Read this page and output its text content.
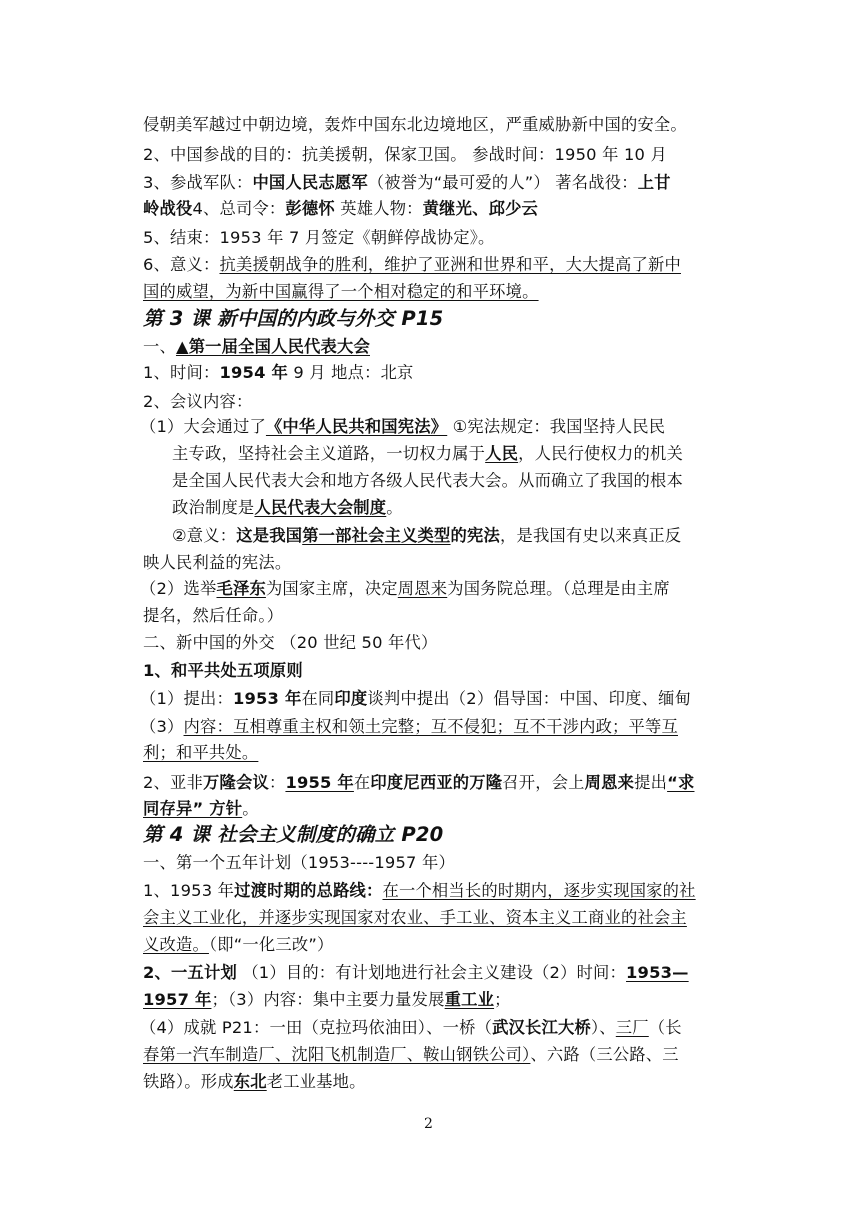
侵朝美军越过中朝边境，轰炸中国东北边境地区，严重威胁新中国的安全。
2、中国参战的目的：抗美援朝，保家卫国。 参战时间：1950 年 10 月
3、参战军队：中国人民志愿军（被誉为“最可爱的人”） 著名战役：上甘
岭战役4、总司令：彭德怀 英雄人物：黄继光、邱少云
5、结束：1953 年 7 月签定《朝鲜停战协定》。
6、意义：抗美援朝战争的胜利，维护了亚洲和世界和平，大大提高了新中
国的威望，为新中国赢得了一个相对稳定的和平环境。
第 3 课 新中国的内政与外交 P15
一、▲第一届全国人民代表大会
1、时间：1954 年 9 月 地点：北京
2、会议内容：
（1）大会通过了《中华人民共和国宪法》 ①宪法规定：我国坚持人民民
主专政，坚持社会主义道路，一切权力属于人民，人民行使权力的机关
是全国人民代表大会和地方各级人民代表大会。从而确立了我国的根本
政治制度是人民代表大会制度。
②意义：这是我国第一部社会主义类型的宪法，是我国有史以来真正反
映人民利益的宪法。
（2）选举毛泽东为国家主席，决定周恩来为国务院总理。（总理是由主席
提名，然后任命。）
二、新中国的外交 （20 世纪 50 年代）
1、和平共处五项原则
（1）提出：1953 年在同印度谈判中提出（2）倡导国：中国、印度、缅甸
（3）内容：互相尊重主权和领土完整；互不侵犯；互不干涉内政；平等互
利；和平共处。
2、亚非万隆会议：1955 年在印度尼西亚的万隆召开，会上周恩来提出“求
同存异” 方针。
第 4 课 社会主义制度的确立 P20
一、第一个五年计划（1953----1957 年）
1、1953 年过渡时期的总路线：在一个相当长的时期内，逐步实现国家的社
会主义工业化，并逐步实现国家对农业、手工业、资本主义工商业的社会主
义改造。（即“一化三改”）
2、一五计划 （1）目的：有计划地进行社会主义建设（2）时间：1953—
1957 年；（3）内容：集中主要力量发展重工业；
（4）成就 P21：一田（克拉玛依油田）、一桥（武汉长江大桥）、三厂（长
春第一汽车制造厂、沈阳飞机制造厂、鞍山钢铁公司）、六路（三公路、三
铁路）。形成东北老工业基地。
2
